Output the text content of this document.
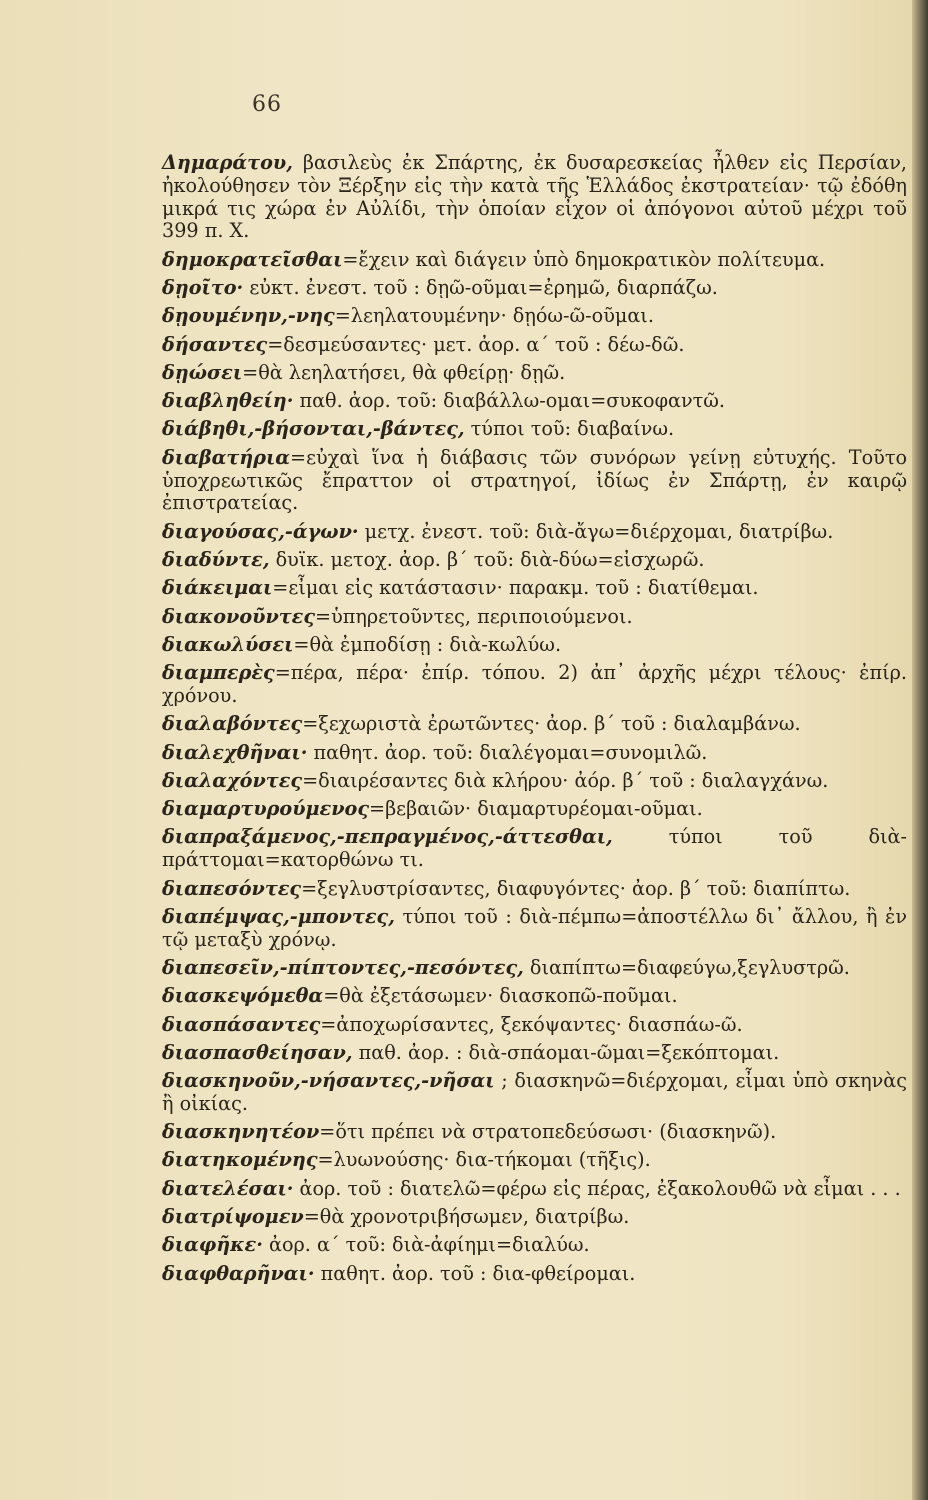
66

Δημαράτου, βασιλεὺς ἐκ Σπάρτης, ἐκ δυσαρεσκείας ἦλθεν εἰς Περσίαν, ἠκολούθησεν τὸν Ξέρξην εἰς τὴν κατὰ τῆς Ἑλλάδος ἐκστρατείαν· τῷ ἐδόθη μικρά τις χώρα ἐν Αὐλίδι, τὴν ὁποίαν εἶχον οἱ ἀπόγονοι αὐτοῦ μέχρι τοῦ 399 π. Χ.

δημοκρατεῖσθαι=ἔχειν καὶ διάγειν ὑπὸ δημοκρατικὸν πολίτευμα.

δῃοῖτο· εὐκτ. ἐνεστ. τοῦ : δῃῶ-οῦμαι=ἐρημῶ, διαρπάζω.

δῃουμένην,-νης=λεηλατουμένην· δῃόω-ῶ-οῦμαι.

δήσαντες=δεσμεύσαντες· μετ. ἀορ. α΄ τοῦ : δέω-δῶ.

δῃώσει=θὰ λεηλατήσει, θὰ φθείρῃ· δῃῶ.

διαβληθείη· παθ. ἀορ. τοῦ: διαβάλλω-ομαι=συκοφαντῶ.

διάβηθι,-βήσονται,-βάντες, τύποι τοῦ: διαβαίνω.

διαβατήρια=εὐχαὶ ἵνα ἡ διάβασις τῶν συνόρων γείνῃ εὐτυχής. Τοῦτο ὑποχρεωτικῶς ἔπραττον οἱ στρατηγοί, ἰδίως ἐν Σπάρτῃ, ἐν καιρῷ ἐπιστρατείας.

διαγούσας,-άγων· μετχ. ἐνεστ. τοῦ: διὰ-ἄγω=διέρχομαι, διατρίβω.

διαδύντε, δυϊκ. μετοχ. ἀορ. β΄ τοῦ: διὰ-δύω=εἰσχωρῶ.

διάκειμαι=εἶμαι εἰς κατάστασιν· παρακμ. τοῦ : διατίθεμαι.

διακονοῦντες=ὑπηρετοῦντες, περιποιούμενοι.

διακωλύσει=θὰ ἐμποδίσῃ : διὰ-κωλύω.

διαμπερὲς=πέρα, πέρα· ἐπίρ. τόπου. 2) ἀπ᾽ ἀρχῆς μέχρι τέλους· ἐπίρ. χρόνου.

διαλαβόντες=ξεχωριστὰ ἐρωτῶντες· ἀορ. β΄ τοῦ : διαλαμβάνω.

διαλεχθῆναι· παθητ. ἀορ. τοῦ: διαλέγομαι=συνομιλῶ.

διαλαχόντες=διαιρέσαντες διὰ κλήρου· ἀόρ. β΄ τοῦ : διαλαγχάνω.

διαμαρτυρούμενος=βεβαιῶν· διαμαρτυρέομαι-οῦμαι.

διαπραξάμενος,-πεπραγμένος,-άττεσθαι, τύποι τοῦ διὰ-πράττομαι=κατορθώνω τι.

διαπεσόντες=ξεγλυστρίσαντες, διαφυγόντες· ἀορ. β΄ τοῦ: διαπίπτω.

διαπέμψας,-μποντες, τύποι τοῦ : διὰ-πέμπω=ἀποστέλλω δι᾽ ἄλλου, ἢ ἐν τῷ μεταξὺ χρόνῳ.

διαπεσεῖν,-πίπτοντες,-πεσόντες, διαπίπτω=διαφεύγω,ξεγλυστρῶ.

διασκεψόμεθα=θὰ ἐξετάσωμεν· διασκοπῶ-ποῦμαι.

διασπάσαντες=ἀποχωρίσαντες, ξεκόψαντες· διασπάω-ῶ.

διασπασθείησαν, παθ. ἀορ. : διὰ-σπάομαι-ῶμαι=ξεκόπτομαι.

διασκηνοῦν,-νήσαντες,-νῆσαι ; διασκηνῶ=διέρχομαι, εἶμαι ὑπὸ σκηνὰς ἢ οἰκίας.

διασκηνητέον=ὅτι πρέπει νὰ στρατοπεδεύσωσι· (διασκηνῶ).

διατηκομένης=λυωνούσης· δια-τήκομαι (τῆξις).

διατελέσαι· ἀορ. τοῦ : διατελῶ=φέρω εἰς πέρας, ἐξακολουθῶ νὰ εἶμαι . . .

διατρίψομεν=θὰ χρονοτριβήσωμεν, διατρίβω.

διαφῆκε· ἀορ. α΄ τοῦ: διὰ-ἀφίημι=διαλύω.

διαφθαρῆναι· παθητ. ἀορ. τοῦ : δια-φθείρομαι.
